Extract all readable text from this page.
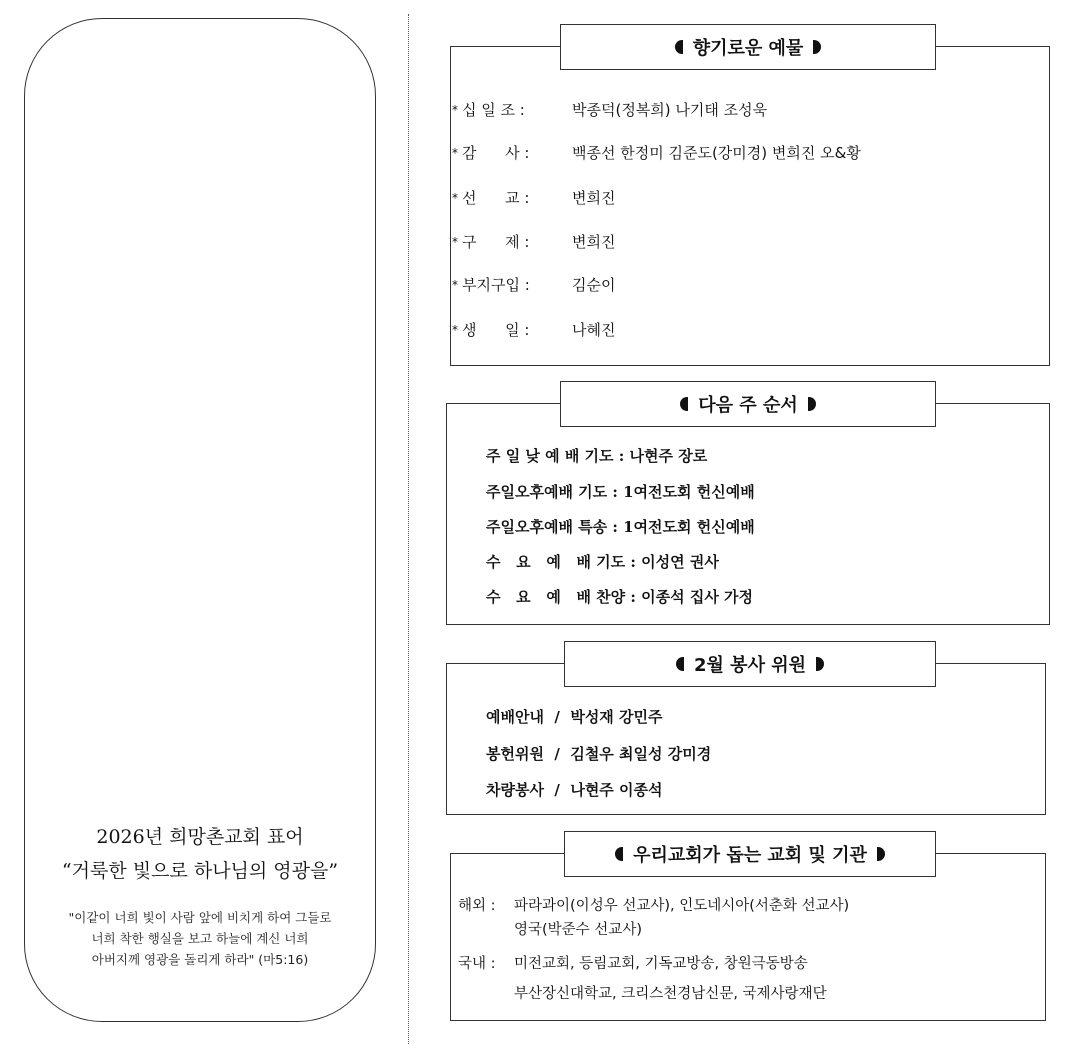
2026년 희망촌교회 표어
“거룩한 빛으로 하나님의 영광을”
"이같이 너희 빛이 사람 앞에 비치게 하여 그들로
너희 착한 행실을 보고 하늘에 계신 너희
아버지께 영광을 돌리게 하라" (마5:16)
향기로운 예물
* 십 일 조 :	박종덕(정복희) 나기태 조성욱
* 감      사 :	백종선 한정미 김준도(강미경) 변희진 오&황
* 선      교 :	변희진
* 구      제 :	변희진
* 부지구입 :	김순이
* 생      일 :	나혜진
다음 주 순서
주 일 낮 예 배 기도 : 나현주 장로
주일오후예배 기도 : 1여전도회 헌신예배
주일오후예배 특송 : 1여전도회 헌신예배
수   요   예   배 기도 : 이성연 권사
수   요   예   배 찬양 : 이종석 집사 가정
2월 봉사 위원
예배안내  /  박성재 강민주
봉헌위원  /  김철우 최일성 강미경
차량봉사  /  나현주 이종석
우리교회가 돕는 교회 및 기관
해외 : 파라과이(이성우 선교사), 인도네시아(서춘화 선교사)
영국(박준수 선교사)
국내 : 미전교회, 등림교회, 기독교방송, 창원극동방송
부산장신대학교, 크리스천경남신문, 국제사랑재단
